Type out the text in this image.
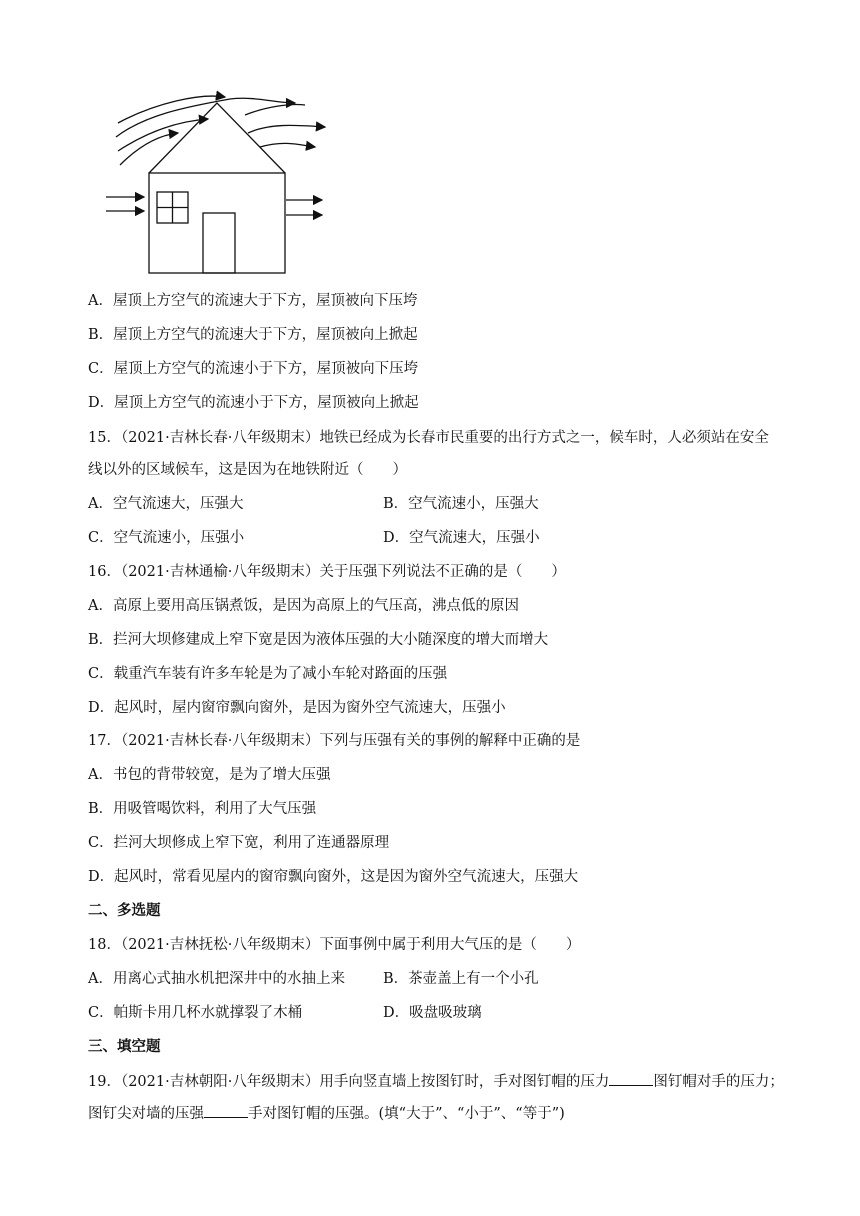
A．屋顶上方空气的流速大于下方，屋顶被向下压垮
B．屋顶上方空气的流速大于下方，屋顶被向上掀起
C．屋顶上方空气的流速小于下方，屋顶被向下压垮
D．屋顶上方空气的流速小于下方，屋顶被向上掀起
15．（2021·吉林长春·八年级期末）地铁已经成为长春市民重要的出行方式之一，候车时，人必须站在安全
线以外的区域候车，这是因为在地铁附近（　　）
A．空气流速大，压强大	B．空气流速小，压强大
C．空气流速小，压强小	D．空气流速大，压强小
16．（2021·吉林通榆·八年级期末）关于压强下列说法不正确的是（　　）
A．高原上要用高压锅煮饭，是因为高原上的气压高，沸点低的原因
B．拦河大坝修建成上窄下宽是因为液体压强的大小随深度的增大而增大
C．载重汽车装有许多车轮是为了减小车轮对路面的压强
D．起风时，屋内窗帘飘向窗外，是因为窗外空气流速大，压强小
17．（2021·吉林长春·八年级期末）下列与压强有关的事例的解释中正确的是
A．书包的背带较宽，是为了增大压强
B．用吸管喝饮料，利用了大气压强
C．拦河大坝修成上窄下宽，利用了连通器原理
D．起风时，常看见屋内的窗帘飘向窗外，这是因为窗外空气流速大，压强大
二、多选题
18．（2021·吉林抚松·八年级期末）下面事例中属于利用大气压的是（　　）
A．用离心式抽水机把深井中的水抽上来	B．茶壶盖上有一个小孔
C．帕斯卡用几杯水就撑裂了木桶	D．吸盘吸玻璃
三、填空题
19．（2021·吉林朝阳·八年级期末）用手向竖直墙上按图钉时，手对图钉帽的压力	图钉帽对手的压力；
图钉尖对墙的压强	手对图钉帽的压强。(填“大于”、“小于”、“等于”)
